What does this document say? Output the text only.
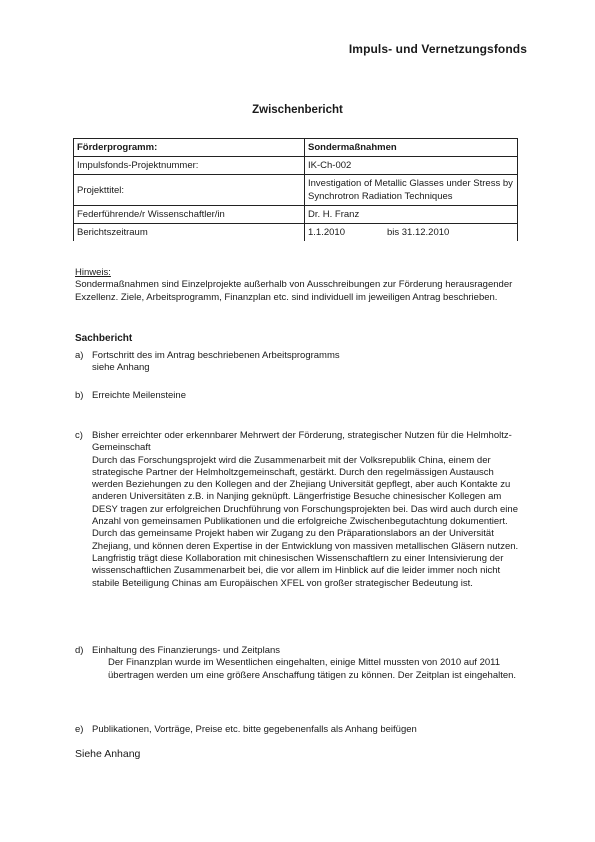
Impuls- und Vernetzungsfonds
Zwischenbericht
Förderprogramm:	Sondermaßnahmen
Impulsfonds-Projektnummer:	IK-Ch-002
Projekttitel:	Investigation of Metallic Glasses under Stress by Synchrotron Radiation Techniques
Federführende/r Wissenschaftler/in	Dr. H. Franz
Berichtszeitraum	1.1.2010 bis 31.12.2010
Hinweis:
Sondermaßnahmen sind Einzelprojekte außerhalb von Ausschreibungen zur Förderung herausragender Exzellenz. Ziele, Arbeitsprogramm, Finanzplan etc. sind individuell im jeweiligen Antrag beschrieben.
Sachbericht
a) Fortschritt des im Antrag beschriebenen Arbeitsprogramms
siehe Anhang
b) Erreichte Meilensteine
c) Bisher erreichter oder erkennbarer Mehrwert der Förderung, strategischer Nutzen für die Helmholtz-Gemeinschaft
Durch das Forschungsprojekt wird die Zusammenarbeit mit der Volksrepublik China, einem der strategische Partner der Helmholtzgemeinschaft, gestärkt. Durch den regelmässigen Austausch werden Beziehungen zu den Kollegen and der Zhejiang Universität gepflegt, aber auch Kontakte zu anderen Universitäten z.B. in Nanjing geknüpft. Längerfristige Besuche chinesischer Kollegen am DESY tragen zur erfolgreichen Druchführung von Forschungsprojekten bei. Das wird auch durch eine Anzahl von gemeinsamen Publikationen und die erfolgreiche Zwischenbegutachtung dokumentiert. Durch das gemeinsame Projekt haben wir Zugang zu den Präparationslabors an der Universität Zhejiang, und können deren Expertise in der Entwicklung von massiven metallischen Gläsern nutzen. Langfristig trägt diese Kollaboration mit chinesischen Wissenschaftlern zu einer Intensivierung der wissenschaftlichen Zusammenarbeit bei, die vor allem im Hinblick auf die leider immer noch nicht stabile Beteiligung Chinas am Europäischen XFEL von großer strategischer Bedeutung ist.
d) Einhaltung des Finanzierungs- und Zeitplans
Der Finanzplan wurde im Wesentlichen eingehalten, einige Mittel mussten von 2010 auf 2011 übertragen werden um eine größere Anschaffung tätigen zu können. Der Zeitplan ist eingehalten.
e) Publikationen, Vorträge, Preise etc. bitte gegebenenfalls als Anhang beifügen
Siehe Anhang
